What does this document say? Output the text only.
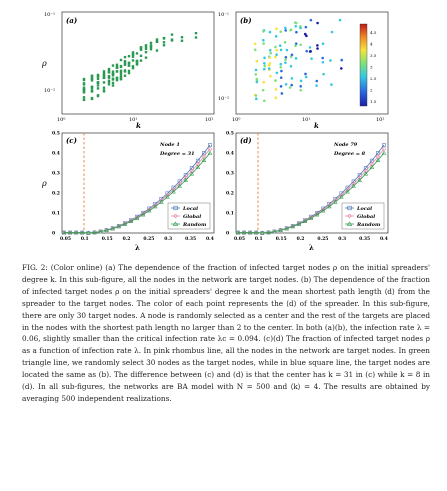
(a)
ρ
10⁻¹
10⁻²
10⁰	10¹	10²
k
(b)
10⁻¹
10⁻²
10⁰	10¹	10²
k
4.5
4
3.5
3
2.5
2
1.5
(c)	Node 1
Degree = 31
ρ
λ
0.05 0.1	0.15 0.2	0.25 0.3	0.35 0.4
0
0.1
0.2
0.3
0.4
0.5
Local
Global
Random
(d)	Node 79
Degree = 8
λ
0.05 0.1	0.15 0.2	0.25 0.3	0.35 0.4
0
0.1
0.2
0.3
0.4
0.5
Local
Global
Random

FIG. 2: (Color online) (a) The dependence of the fraction of infected target nodes ρ on the initial spreaders' degree k. In this sub-figure, all the nodes in the network are target nodes. (b) The dependence of the fraction of infected target nodes ρ on the initial spreaders' degree k and the mean shortest path length ⟨d⟩ from the spreader to the target nodes. The color of each point represents the ⟨d⟩ of the spreader. In this sub-figure, there are only 30 target nodes. A node is randomly selected as a center and the rest of the targets are placed in the nodes with the shortest path length no larger than 2 to the center. In both (a)(b), the infection rate λ = 0.06, slightly smaller than the critical infection rate λc = 0.094. (c)(d) The fraction of infected target nodes ρ as a function of infection rate λ. In pink rhombus line, all the nodes in the network are target nodes. In green triangle line, we randomly select 30 nodes as the target nodes, while in blue square line, the target nodes are located the same as (b). The difference between (c) and (d) is that the center has k = 31 in (c) while k = 8 in (d). In all sub-figures, the networks are BA model with N = 500 and ⟨k⟩ = 4. The results are obtained by averaging 500 independent realizations.
